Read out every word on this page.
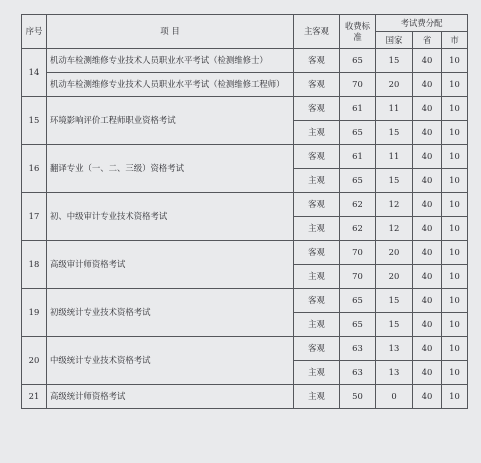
序号	项 目	主客观	收费标准	考试费分配		
				国家	省	市
14	机动车检测维修专业技术人员职业水平考试（检测维修士）	客观	65	15	40	10
	机动车检测维修专业技术人员职业水平考试（检测维修工程师）	客观	70	20	40	10
15	环境影响评价工程师职业资格考试	客观	61	11	40	10
		主观	65	15	40	10
16	翻译专业（一、二、三级）资格考试	客观	61	11	40	10
		主观	65	15	40	10
17	初、中级审计专业技术资格考试	客观	62	12	40	10
		主观	62	12	40	10
18	高级审计师资格考试	客观	70	20	40	10
		主观	70	20	40	10
19	初级统计专业技术资格考试	客观	65	15	40	10
		主观	65	15	40	10
20	中级统计专业技术资格考试	客观	63	13	40	10
		主观	63	13	40	10
21	高级统计师资格考试	主观	50	0	40	10
